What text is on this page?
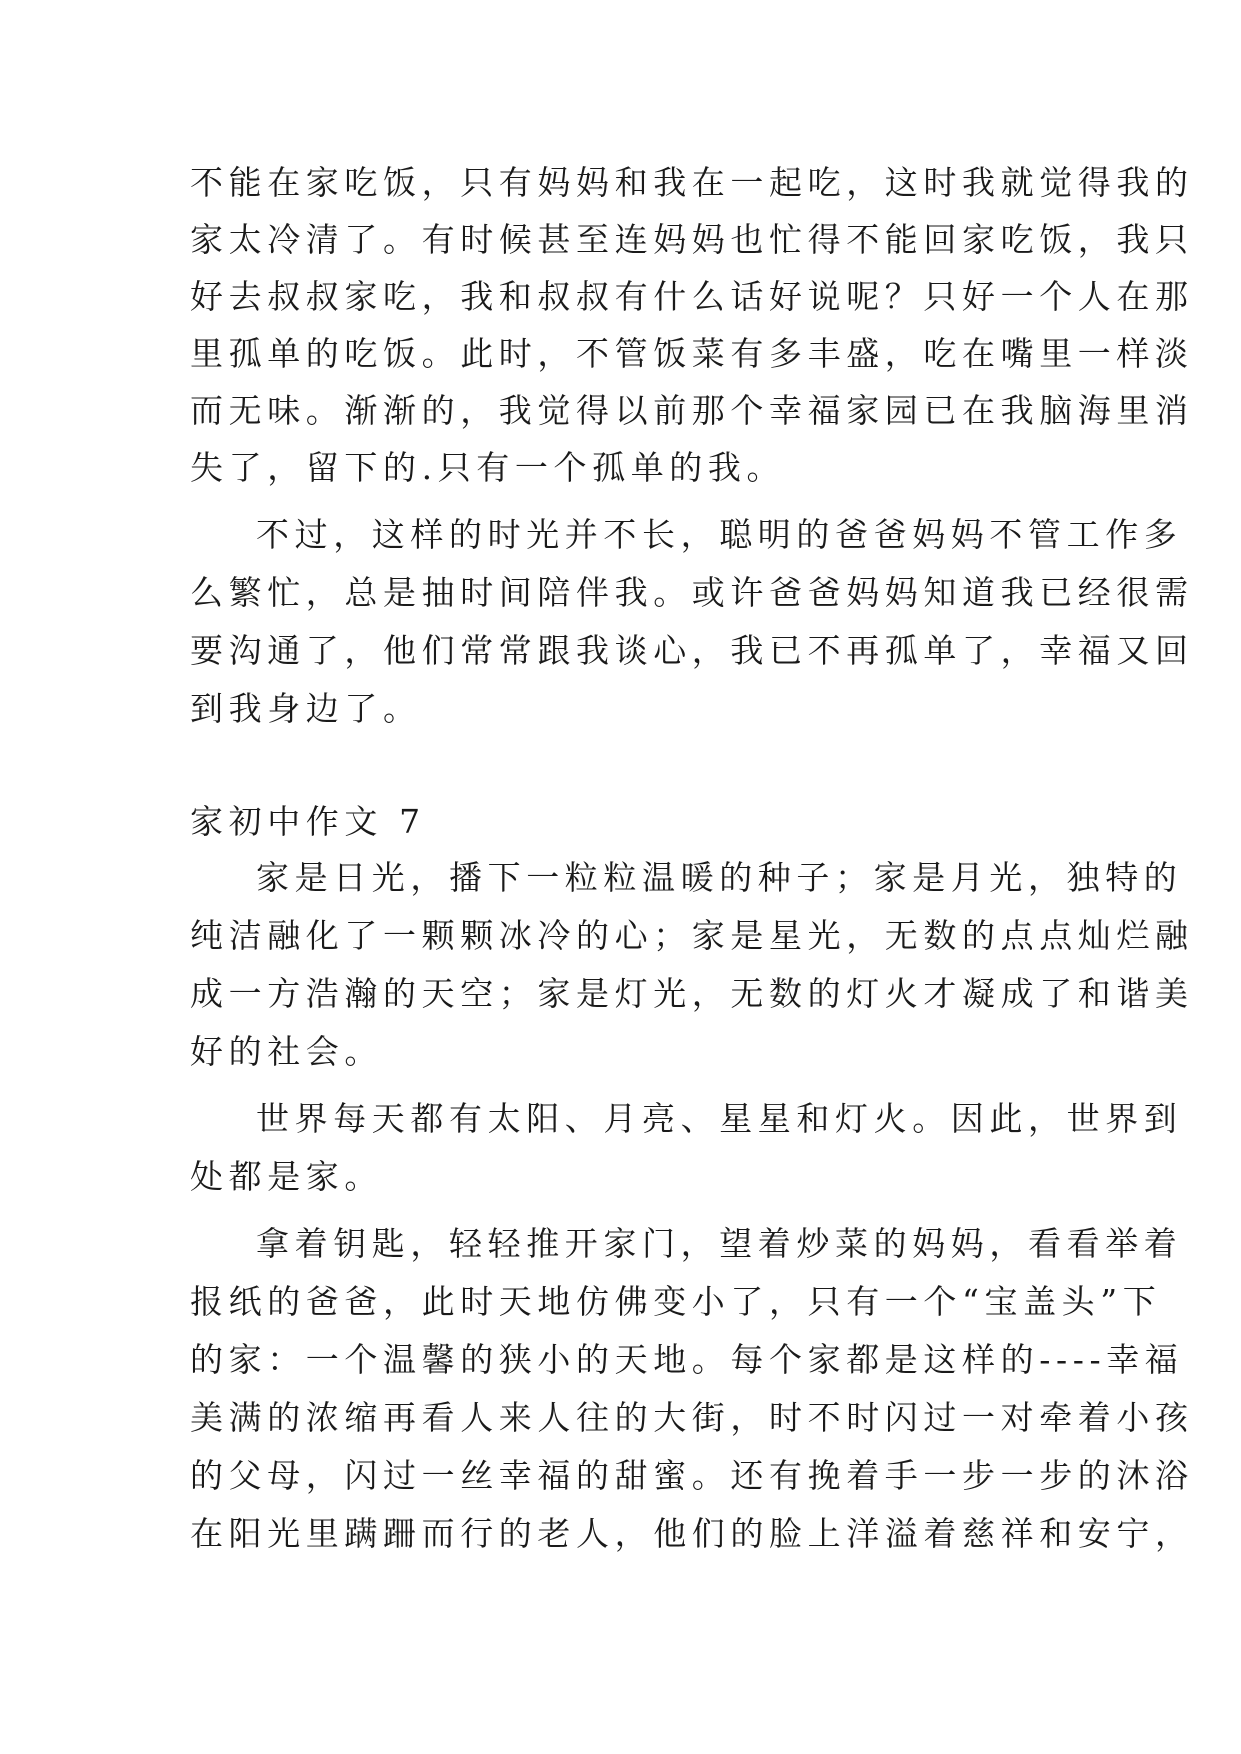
不能在家吃饭，只有妈妈和我在一起吃，这时我就觉得我的
家太冷清了。有时候甚至连妈妈也忙得不能回家吃饭，我只
好去叔叔家吃，我和叔叔有什么话好说呢？只好一个人在那
里孤单的吃饭。此时，不管饭菜有多丰盛，吃在嘴里一样淡
而无味。渐渐的，我觉得以前那个幸福家园已在我脑海里消
失了，留下的.只有一个孤单的我。
不过，这样的时光并不长，聪明的爸爸妈妈不管工作多
么繁忙，总是抽时间陪伴我。或许爸爸妈妈知道我已经很需
要沟通了，他们常常跟我谈心，我已不再孤单了，幸福又回
到我身边了。
家初中作文 7
家是日光，播下一粒粒温暖的种子；家是月光，独特的
纯洁融化了一颗颗冰冷的心；家是星光，无数的点点灿烂融
成一方浩瀚的天空；家是灯光，无数的灯火才凝成了和谐美
好的社会。
世界每天都有太阳、月亮、星星和灯火。因此，世界到
处都是家。
拿着钥匙，轻轻推开家门，望着炒菜的妈妈，看看举着
报纸的爸爸，此时天地仿佛变小了，只有一个“宝盖头”下
的家：一个温馨的狭小的天地。每个家都是这样的----幸福
美满的浓缩再看人来人往的大街，时不时闪过一对牵着小孩
的父母，闪过一丝幸福的甜蜜。还有挽着手一步一步的沐浴
在阳光里蹒跚而行的老人，他们的脸上洋溢着慈祥和安宁，
